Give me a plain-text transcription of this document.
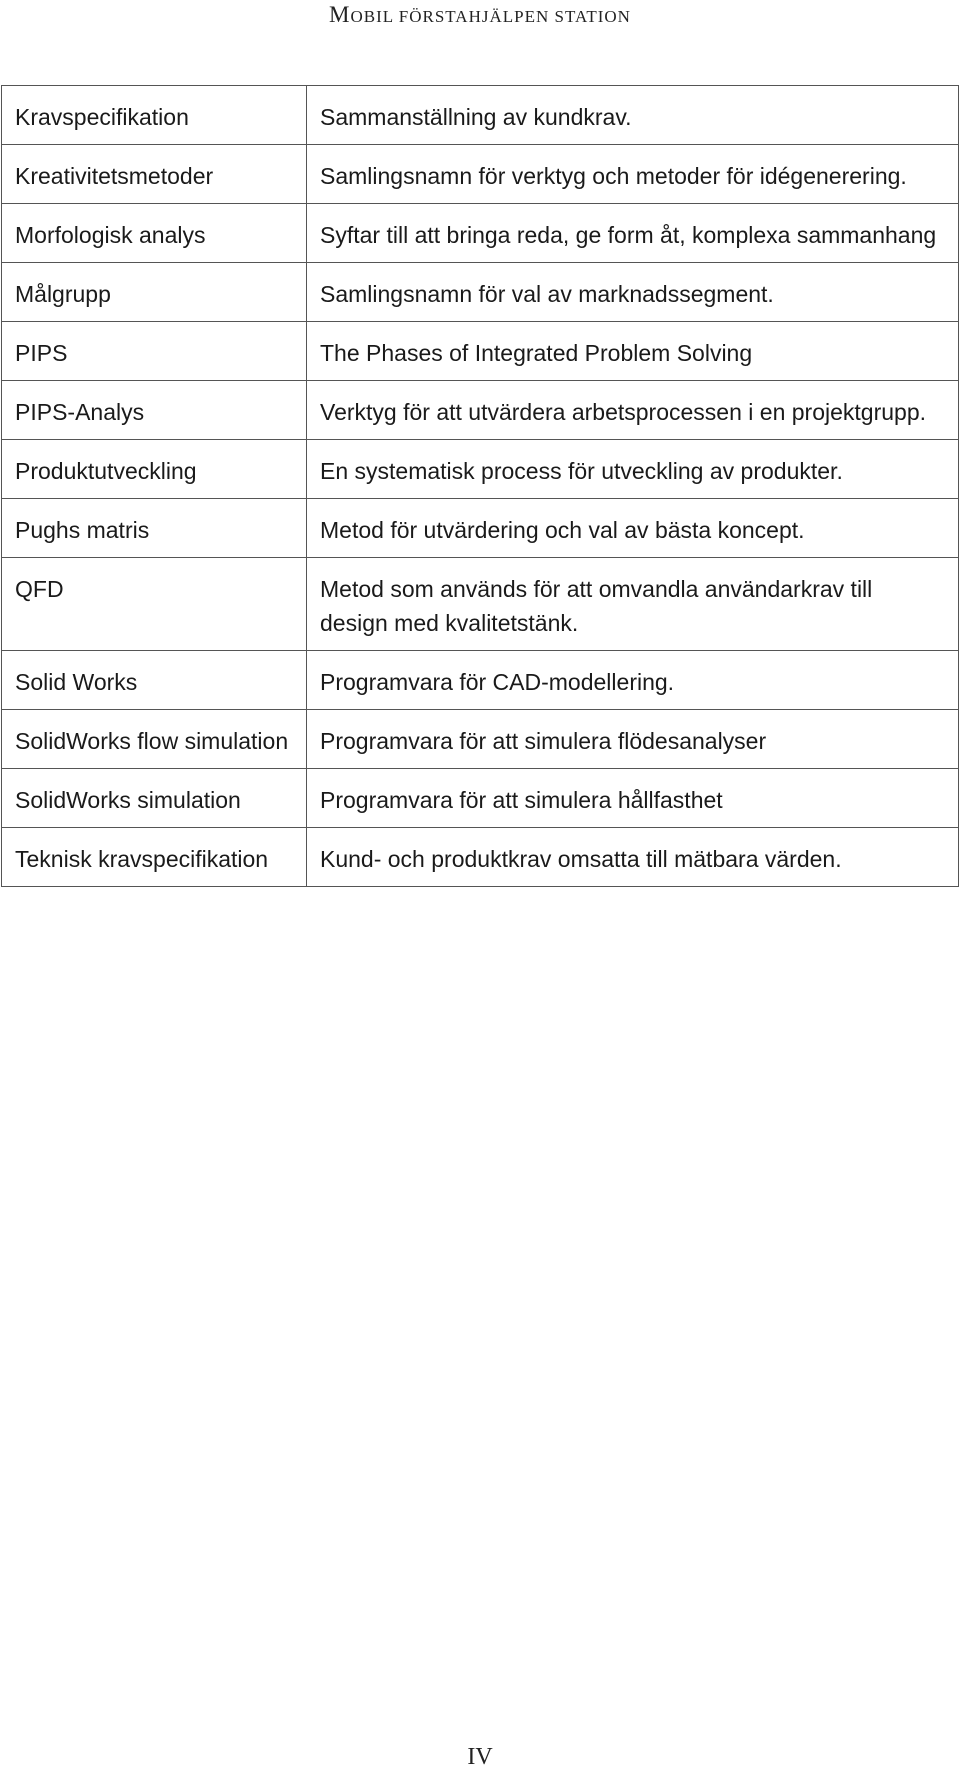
MOBIL FÖRSTAHJÄLPEN STATION
Kravspecifikation	Sammanställning av kundkrav.
Kreativitetsmetoder	Samlingsnamn för verktyg och metoder för idégenerering.
Morfologisk analys	Syftar till att bringa reda, ge form åt, komplexa sammanhang
Målgrupp	Samlingsnamn för val av marknadssegment.
PIPS	The Phases of Integrated Problem Solving
PIPS-Analys	Verktyg för att utvärdera arbetsprocessen i en projektgrupp.
Produktutveckling	En systematisk process för utveckling av produkter.
Pughs matris	Metod för utvärdering och val av bästa koncept.
QFD	Metod som används för att omvandla användarkrav till design med kvalitetstänk.
Solid Works	Programvara för CAD-modellering.
SolidWorks flow simulation	Programvara för att simulera flödesanalyser
SolidWorks simulation	Programvara för att simulera hållfasthet
Teknisk kravspecifikation	Kund- och produktkrav omsatta till mätbara värden.

IV
